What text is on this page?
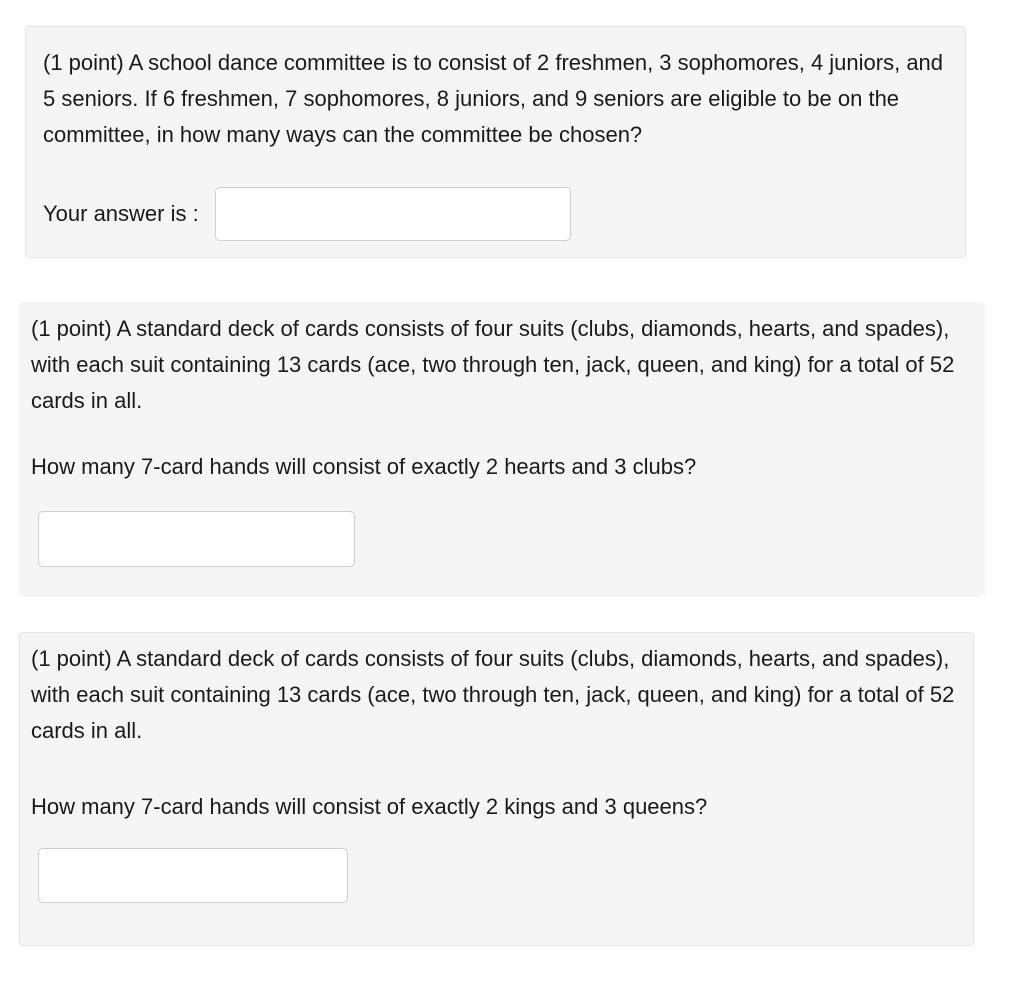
(1 point) A school dance committee is to consist of 2 freshmen, 3 sophomores, 4 juniors, and 5 seniors. If 6 freshmen, 7 sophomores, 8 juniors, and 9 seniors are eligible to be on the committee, in how many ways can the committee be chosen?

Your answer is :

(1 point) A standard deck of cards consists of four suits (clubs, diamonds, hearts, and spades), with each suit containing 13 cards (ace, two through ten, jack, queen, and king) for a total of 52 cards in all.

How many 7-card hands will consist of exactly 2 hearts and 3 clubs?

(1 point) A standard deck of cards consists of four suits (clubs, diamonds, hearts, and spades), with each suit containing 13 cards (ace, two through ten, jack, queen, and king) for a total of 52 cards in all.

How many 7-card hands will consist of exactly 2 kings and 3 queens?
